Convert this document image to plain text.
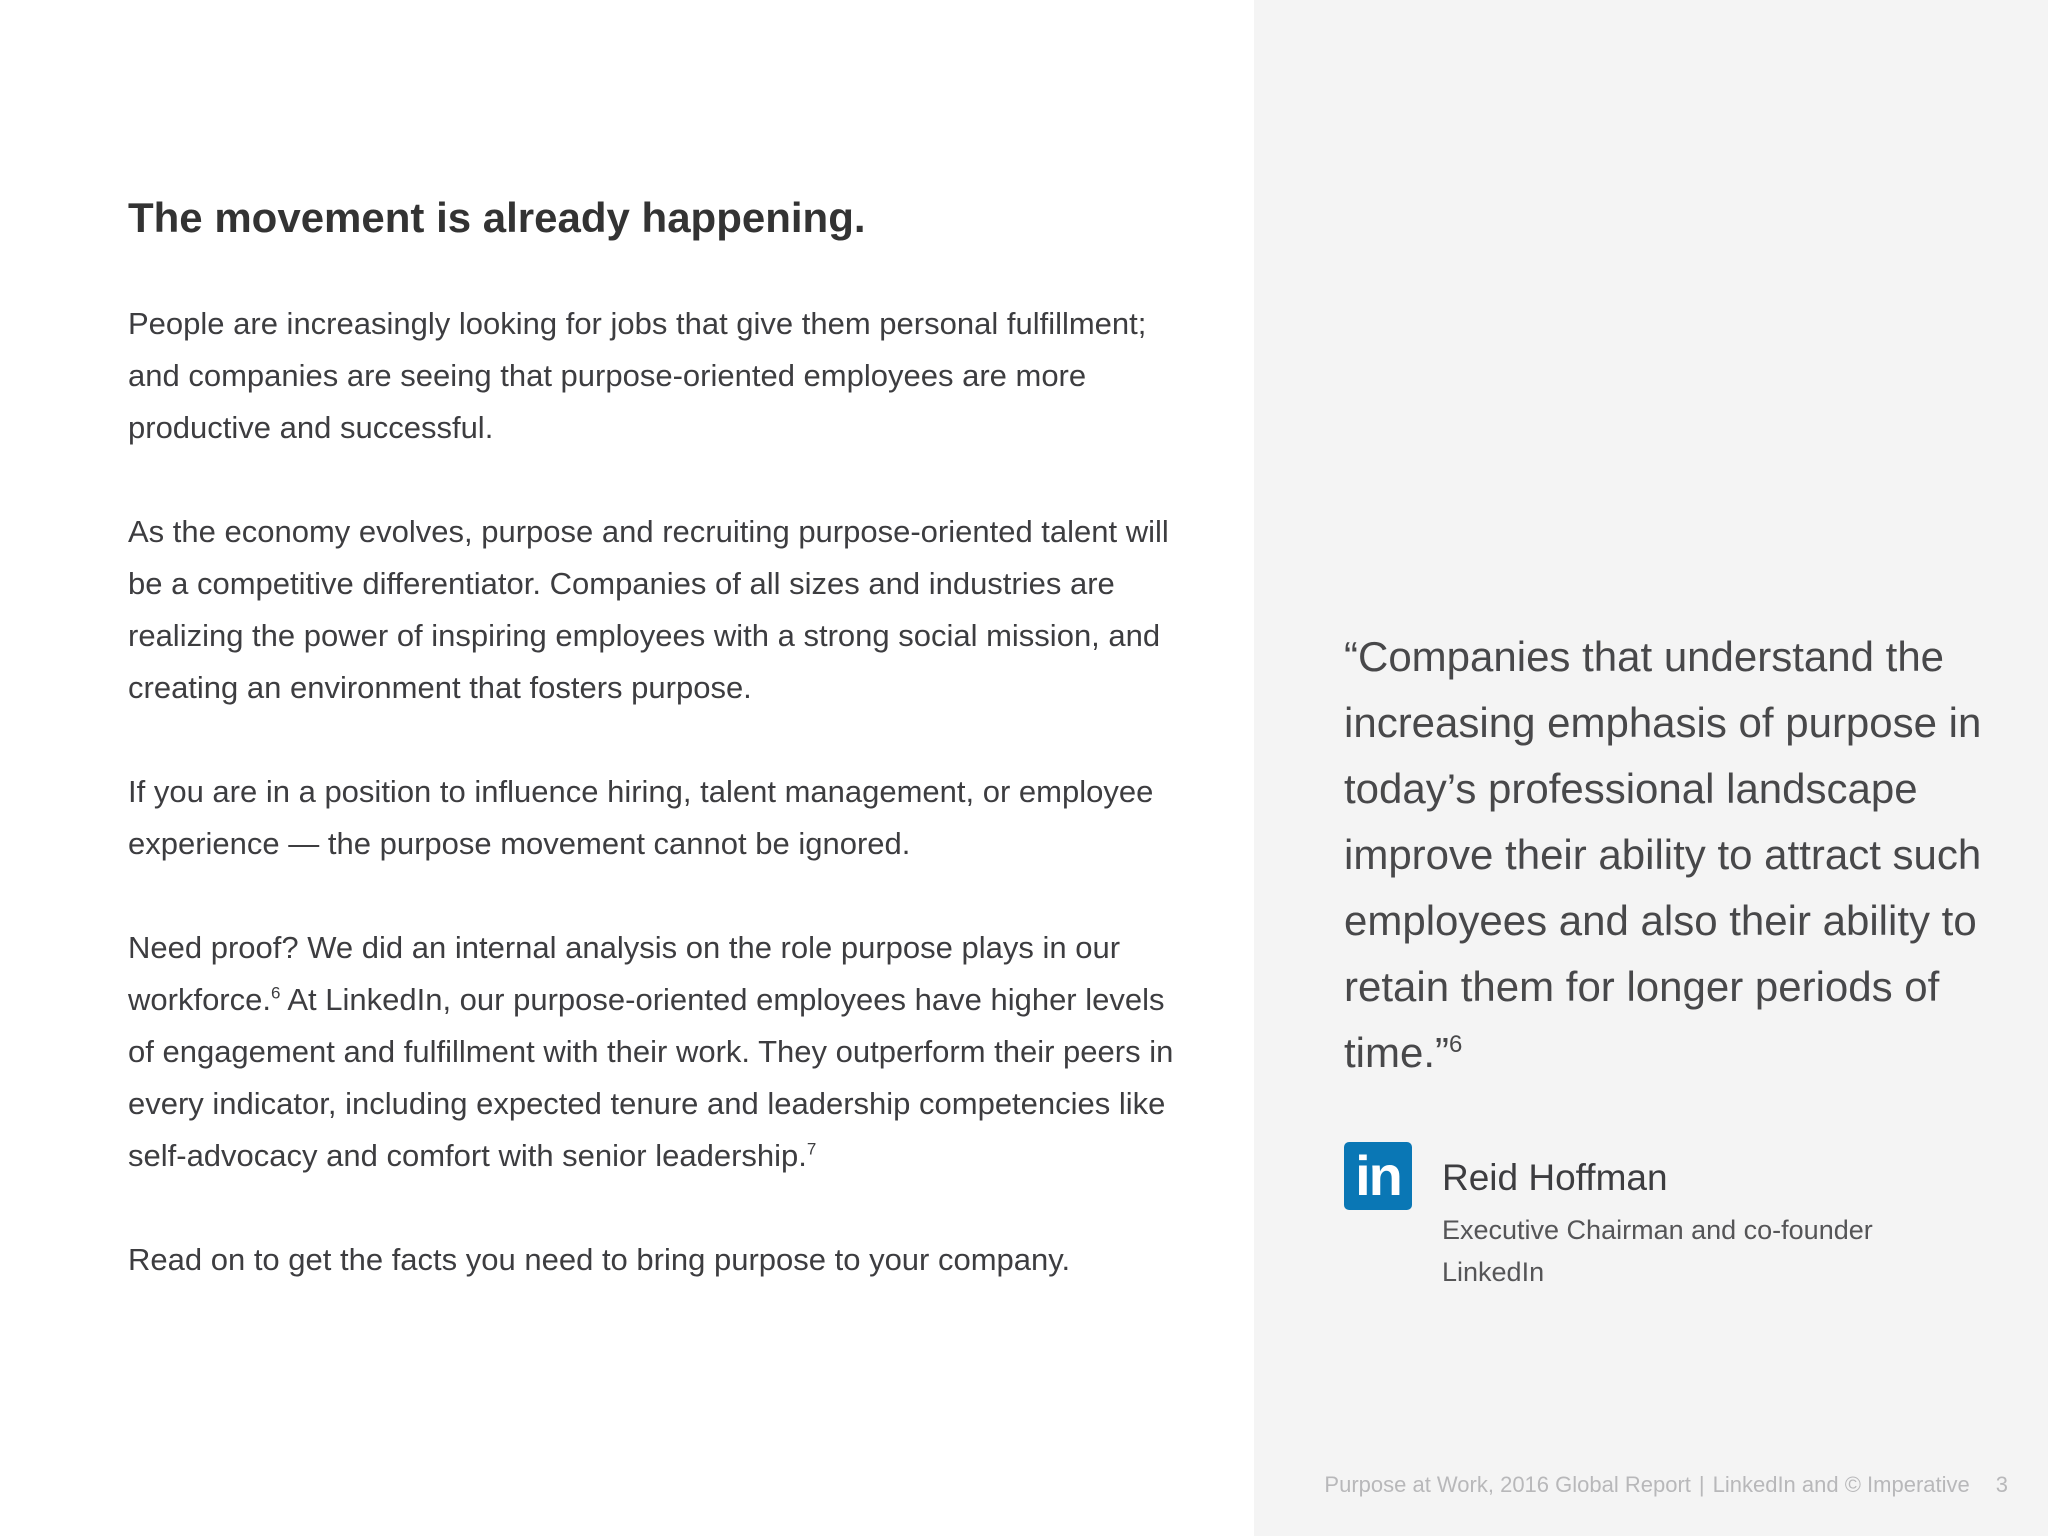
The movement is already happening.

People are increasingly looking for jobs that give them personal fulfillment; and companies are seeing that purpose-oriented employees are more productive and successful.

As the economy evolves, purpose and recruiting purpose-oriented talent will be a competitive differentiator. Companies of all sizes and industries are realizing the power of inspiring employees with a strong social mission, and creating an environment that fosters purpose.

If you are in a position to influence hiring, talent management, or employee experience — the purpose movement cannot be ignored.

Need proof? We did an internal analysis on the role purpose plays in our workforce.$^6$ At LinkedIn, our purpose-oriented employees have higher levels of engagement and fulfillment with their work. They outperform their peers in every indicator, including expected tenure and leadership competencies like self-advocacy and comfort with senior leadership.$^7$

Read on to get the facts you need to bring purpose to your company.

“Companies that understand the increasing emphasis of purpose in today’s professional landscape improve their ability to attract such employees and also their ability to retain them for longer periods of time.”$^6$

in	Reid Hoffman
Executive Chairman and co-founder
LinkedIn
Purpose at Work, 2016 Global Report | LinkedIn and © Imperative 3
